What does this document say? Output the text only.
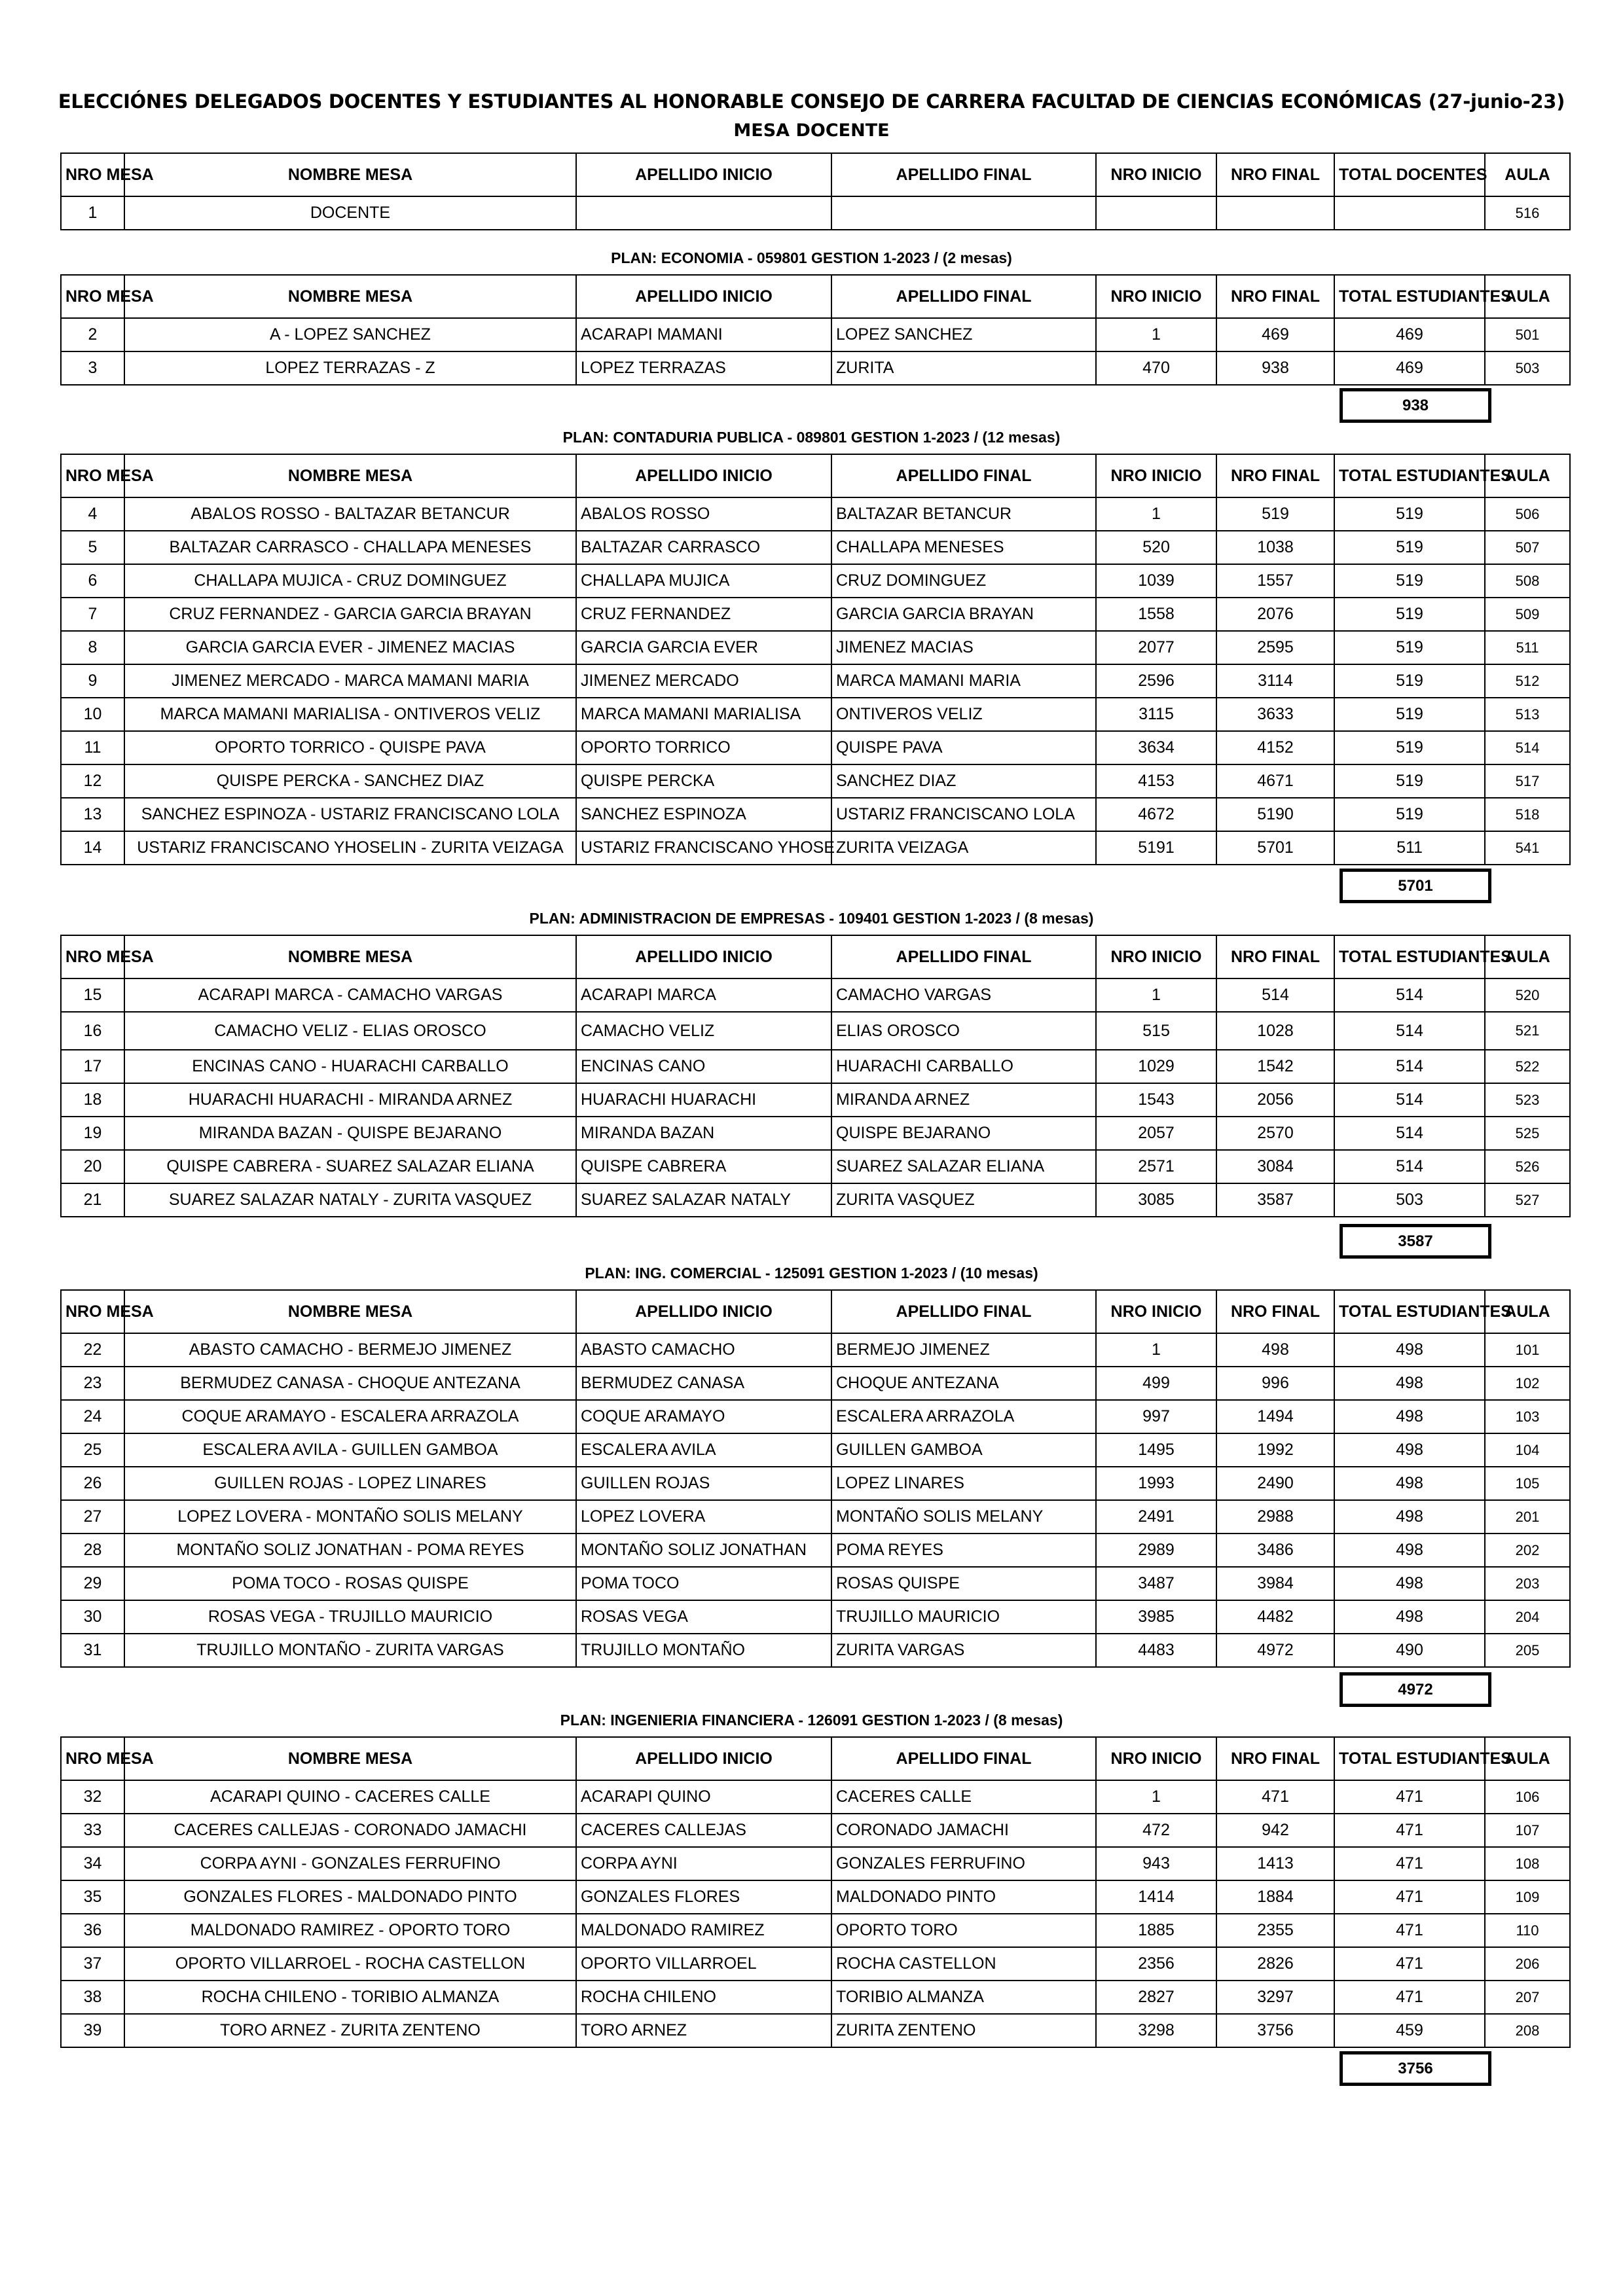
ELECCIÓNES DELEGADOS DOCENTES Y ESTUDIANTES AL HONORABLE CONSEJO DE CARRERA FACULTAD DE CIENCIAS ECONÓMICAS (27-junio-23)
MESA DOCENTE
NRO MESA	NOMBRE MESA	APELLIDO INICIO	APELLIDO FINAL	NRO INICIO	NRO FINAL	TOTAL DOCENTES	AULA
1	DOCENTE						516
PLAN: ECONOMIA - 059801 GESTION 1-2023 / (2 mesas)
NRO MESA	NOMBRE MESA	APELLIDO INICIO	APELLIDO FINAL	NRO INICIO	NRO FINAL	TOTAL ESTUDIANTES	AULA
2	A - LOPEZ SANCHEZ	ACARAPI MAMANI	LOPEZ SANCHEZ	1	469	469	501
3	LOPEZ TERRAZAS - Z	LOPEZ TERRAZAS	ZURITA	470	938	469	503
938
PLAN: CONTADURIA PUBLICA - 089801 GESTION 1-2023 / (12 mesas)
NRO MESA	NOMBRE MESA	APELLIDO INICIO	APELLIDO FINAL	NRO INICIO	NRO FINAL	TOTAL ESTUDIANTES	AULA
4	ABALOS ROSSO - BALTAZAR BETANCUR	ABALOS ROSSO	BALTAZAR BETANCUR	1	519	519	506
5	BALTAZAR CARRASCO - CHALLAPA MENESES	BALTAZAR CARRASCO	CHALLAPA MENESES	520	1038	519	507
6	CHALLAPA MUJICA - CRUZ DOMINGUEZ	CHALLAPA MUJICA	CRUZ DOMINGUEZ	1039	1557	519	508
7	CRUZ FERNANDEZ - GARCIA GARCIA BRAYAN	CRUZ FERNANDEZ	GARCIA GARCIA BRAYAN	1558	2076	519	509
8	GARCIA GARCIA EVER - JIMENEZ MACIAS	GARCIA GARCIA EVER	JIMENEZ MACIAS	2077	2595	519	511
9	JIMENEZ MERCADO - MARCA MAMANI MARIA	JIMENEZ MERCADO	MARCA MAMANI MARIA	2596	3114	519	512
10	MARCA MAMANI MARIALISA - ONTIVEROS VELIZ	MARCA MAMANI MARIALISA	ONTIVEROS VELIZ	3115	3633	519	513
11	OPORTO TORRICO - QUISPE PAVA	OPORTO TORRICO	QUISPE PAVA	3634	4152	519	514
12	QUISPE PERCKA - SANCHEZ DIAZ	QUISPE PERCKA	SANCHEZ DIAZ	4153	4671	519	517
13	SANCHEZ ESPINOZA - USTARIZ FRANCISCANO LOLA	SANCHEZ ESPINOZA	USTARIZ FRANCISCANO LOLA	4672	5190	519	518
14	USTARIZ FRANCISCANO YHOSELIN - ZURITA VEIZAGA	USTARIZ FRANCISCANO YHOSE	ZURITA VEIZAGA	5191	5701	511	541
5701
PLAN: ADMINISTRACION DE EMPRESAS - 109401 GESTION 1-2023 / (8 mesas)
NRO MESA	NOMBRE MESA	APELLIDO INICIO	APELLIDO FINAL	NRO INICIO	NRO FINAL	TOTAL ESTUDIANTES	AULA
15	ACARAPI MARCA - CAMACHO VARGAS	ACARAPI MARCA	CAMACHO VARGAS	1	514	514	520
16	CAMACHO VELIZ - ELIAS OROSCO	CAMACHO VELIZ	ELIAS OROSCO	515	1028	514	521
17	ENCINAS CANO - HUARACHI CARBALLO	ENCINAS CANO	HUARACHI CARBALLO	1029	1542	514	522
18	HUARACHI HUARACHI - MIRANDA ARNEZ	HUARACHI HUARACHI	MIRANDA ARNEZ	1543	2056	514	523
19	MIRANDA BAZAN - QUISPE BEJARANO	MIRANDA BAZAN	QUISPE BEJARANO	2057	2570	514	525
20	QUISPE CABRERA - SUAREZ SALAZAR ELIANA	QUISPE CABRERA	SUAREZ SALAZAR ELIANA	2571	3084	514	526
21	SUAREZ SALAZAR NATALY - ZURITA VASQUEZ	SUAREZ SALAZAR NATALY	ZURITA VASQUEZ	3085	3587	503	527
3587
PLAN: ING. COMERCIAL - 125091 GESTION 1-2023 / (10 mesas)
NRO MESA	NOMBRE MESA	APELLIDO INICIO	APELLIDO FINAL	NRO INICIO	NRO FINAL	TOTAL ESTUDIANTES	AULA
22	ABASTO CAMACHO - BERMEJO JIMENEZ	ABASTO CAMACHO	BERMEJO JIMENEZ	1	498	498	101
23	BERMUDEZ CANASA - CHOQUE ANTEZANA	BERMUDEZ CANASA	CHOQUE ANTEZANA	499	996	498	102
24	COQUE ARAMAYO - ESCALERA ARRAZOLA	COQUE ARAMAYO	ESCALERA ARRAZOLA	997	1494	498	103
25	ESCALERA AVILA - GUILLEN GAMBOA	ESCALERA AVILA	GUILLEN GAMBOA	1495	1992	498	104
26	GUILLEN ROJAS - LOPEZ LINARES	GUILLEN ROJAS	LOPEZ LINARES	1993	2490	498	105
27	LOPEZ LOVERA - MONTAÑO SOLIS MELANY	LOPEZ LOVERA	MONTAÑO SOLIS MELANY	2491	2988	498	201
28	MONTAÑO SOLIZ JONATHAN - POMA REYES	MONTAÑO SOLIZ JONATHAN	POMA REYES	2989	3486	498	202
29	POMA TOCO - ROSAS QUISPE	POMA TOCO	ROSAS QUISPE	3487	3984	498	203
30	ROSAS VEGA - TRUJILLO MAURICIO	ROSAS VEGA	TRUJILLO MAURICIO	3985	4482	498	204
31	TRUJILLO MONTAÑO - ZURITA VARGAS	TRUJILLO MONTAÑO	ZURITA VARGAS	4483	4972	490	205
4972
PLAN: INGENIERIA FINANCIERA - 126091 GESTION 1-2023 / (8 mesas)
NRO MESA	NOMBRE MESA	APELLIDO INICIO	APELLIDO FINAL	NRO INICIO	NRO FINAL	TOTAL ESTUDIANTES	AULA
32	ACARAPI QUINO - CACERES CALLE	ACARAPI QUINO	CACERES CALLE	1	471	471	106
33	CACERES CALLEJAS - CORONADO JAMACHI	CACERES CALLEJAS	CORONADO JAMACHI	472	942	471	107
34	CORPA AYNI - GONZALES FERRUFINO	CORPA AYNI	GONZALES FERRUFINO	943	1413	471	108
35	GONZALES FLORES - MALDONADO PINTO	GONZALES FLORES	MALDONADO PINTO	1414	1884	471	109
36	MALDONADO RAMIREZ - OPORTO TORO	MALDONADO RAMIREZ	OPORTO TORO	1885	2355	471	110
37	OPORTO VILLARROEL - ROCHA CASTELLON	OPORTO VILLARROEL	ROCHA CASTELLON	2356	2826	471	206
38	ROCHA CHILENO - TORIBIO ALMANZA	ROCHA CHILENO	TORIBIO ALMANZA	2827	3297	471	207
39	TORO ARNEZ - ZURITA ZENTENO	TORO ARNEZ	ZURITA ZENTENO	3298	3756	459	208
3756
